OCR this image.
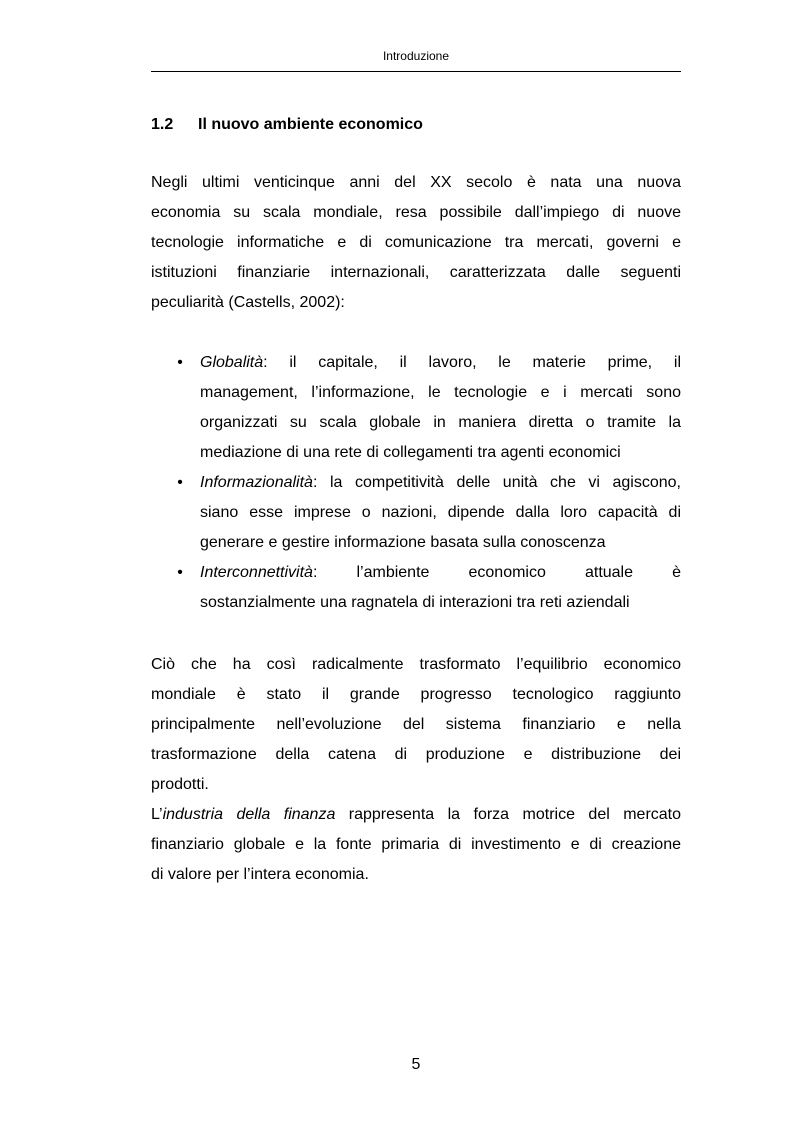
Introduzione
1.2 Il nuovo ambiente economico
Negli ultimi venticinque anni del XX secolo è nata una nuova
economia su scala mondiale, resa possibile dall’impiego di nuove
tecnologie informatiche e di comunicazione tra mercati, governi e
istituzioni finanziarie internazionali, caratterizzata dalle seguenti
peculiarità (Castells, 2002):
• Globalità: il capitale, il lavoro, le materie prime, il
management, l’informazione, le tecnologie e i mercati sono
organizzati su scala globale in maniera diretta o tramite la
mediazione di una rete di collegamenti tra agenti economici
• Informazionalità: la competitività delle unità che vi agiscono,
siano esse imprese o nazioni, dipende dalla loro capacità di
generare e gestire informazione basata sulla conoscenza
• Interconnettività: l’ambiente economico attuale è
sostanzialmente una ragnatela di interazioni tra reti aziendali
Ciò che ha così radicalmente trasformato l’equilibrio economico
mondiale è stato il grande progresso tecnologico raggiunto
principalmente nell’evoluzione del sistema finanziario e nella
trasformazione della catena di produzione e distribuzione dei
prodotti.
L’industria della finanza rappresenta la forza motrice del mercato
finanziario globale e la fonte primaria di investimento e di creazione
di valore per l’intera economia.
5
